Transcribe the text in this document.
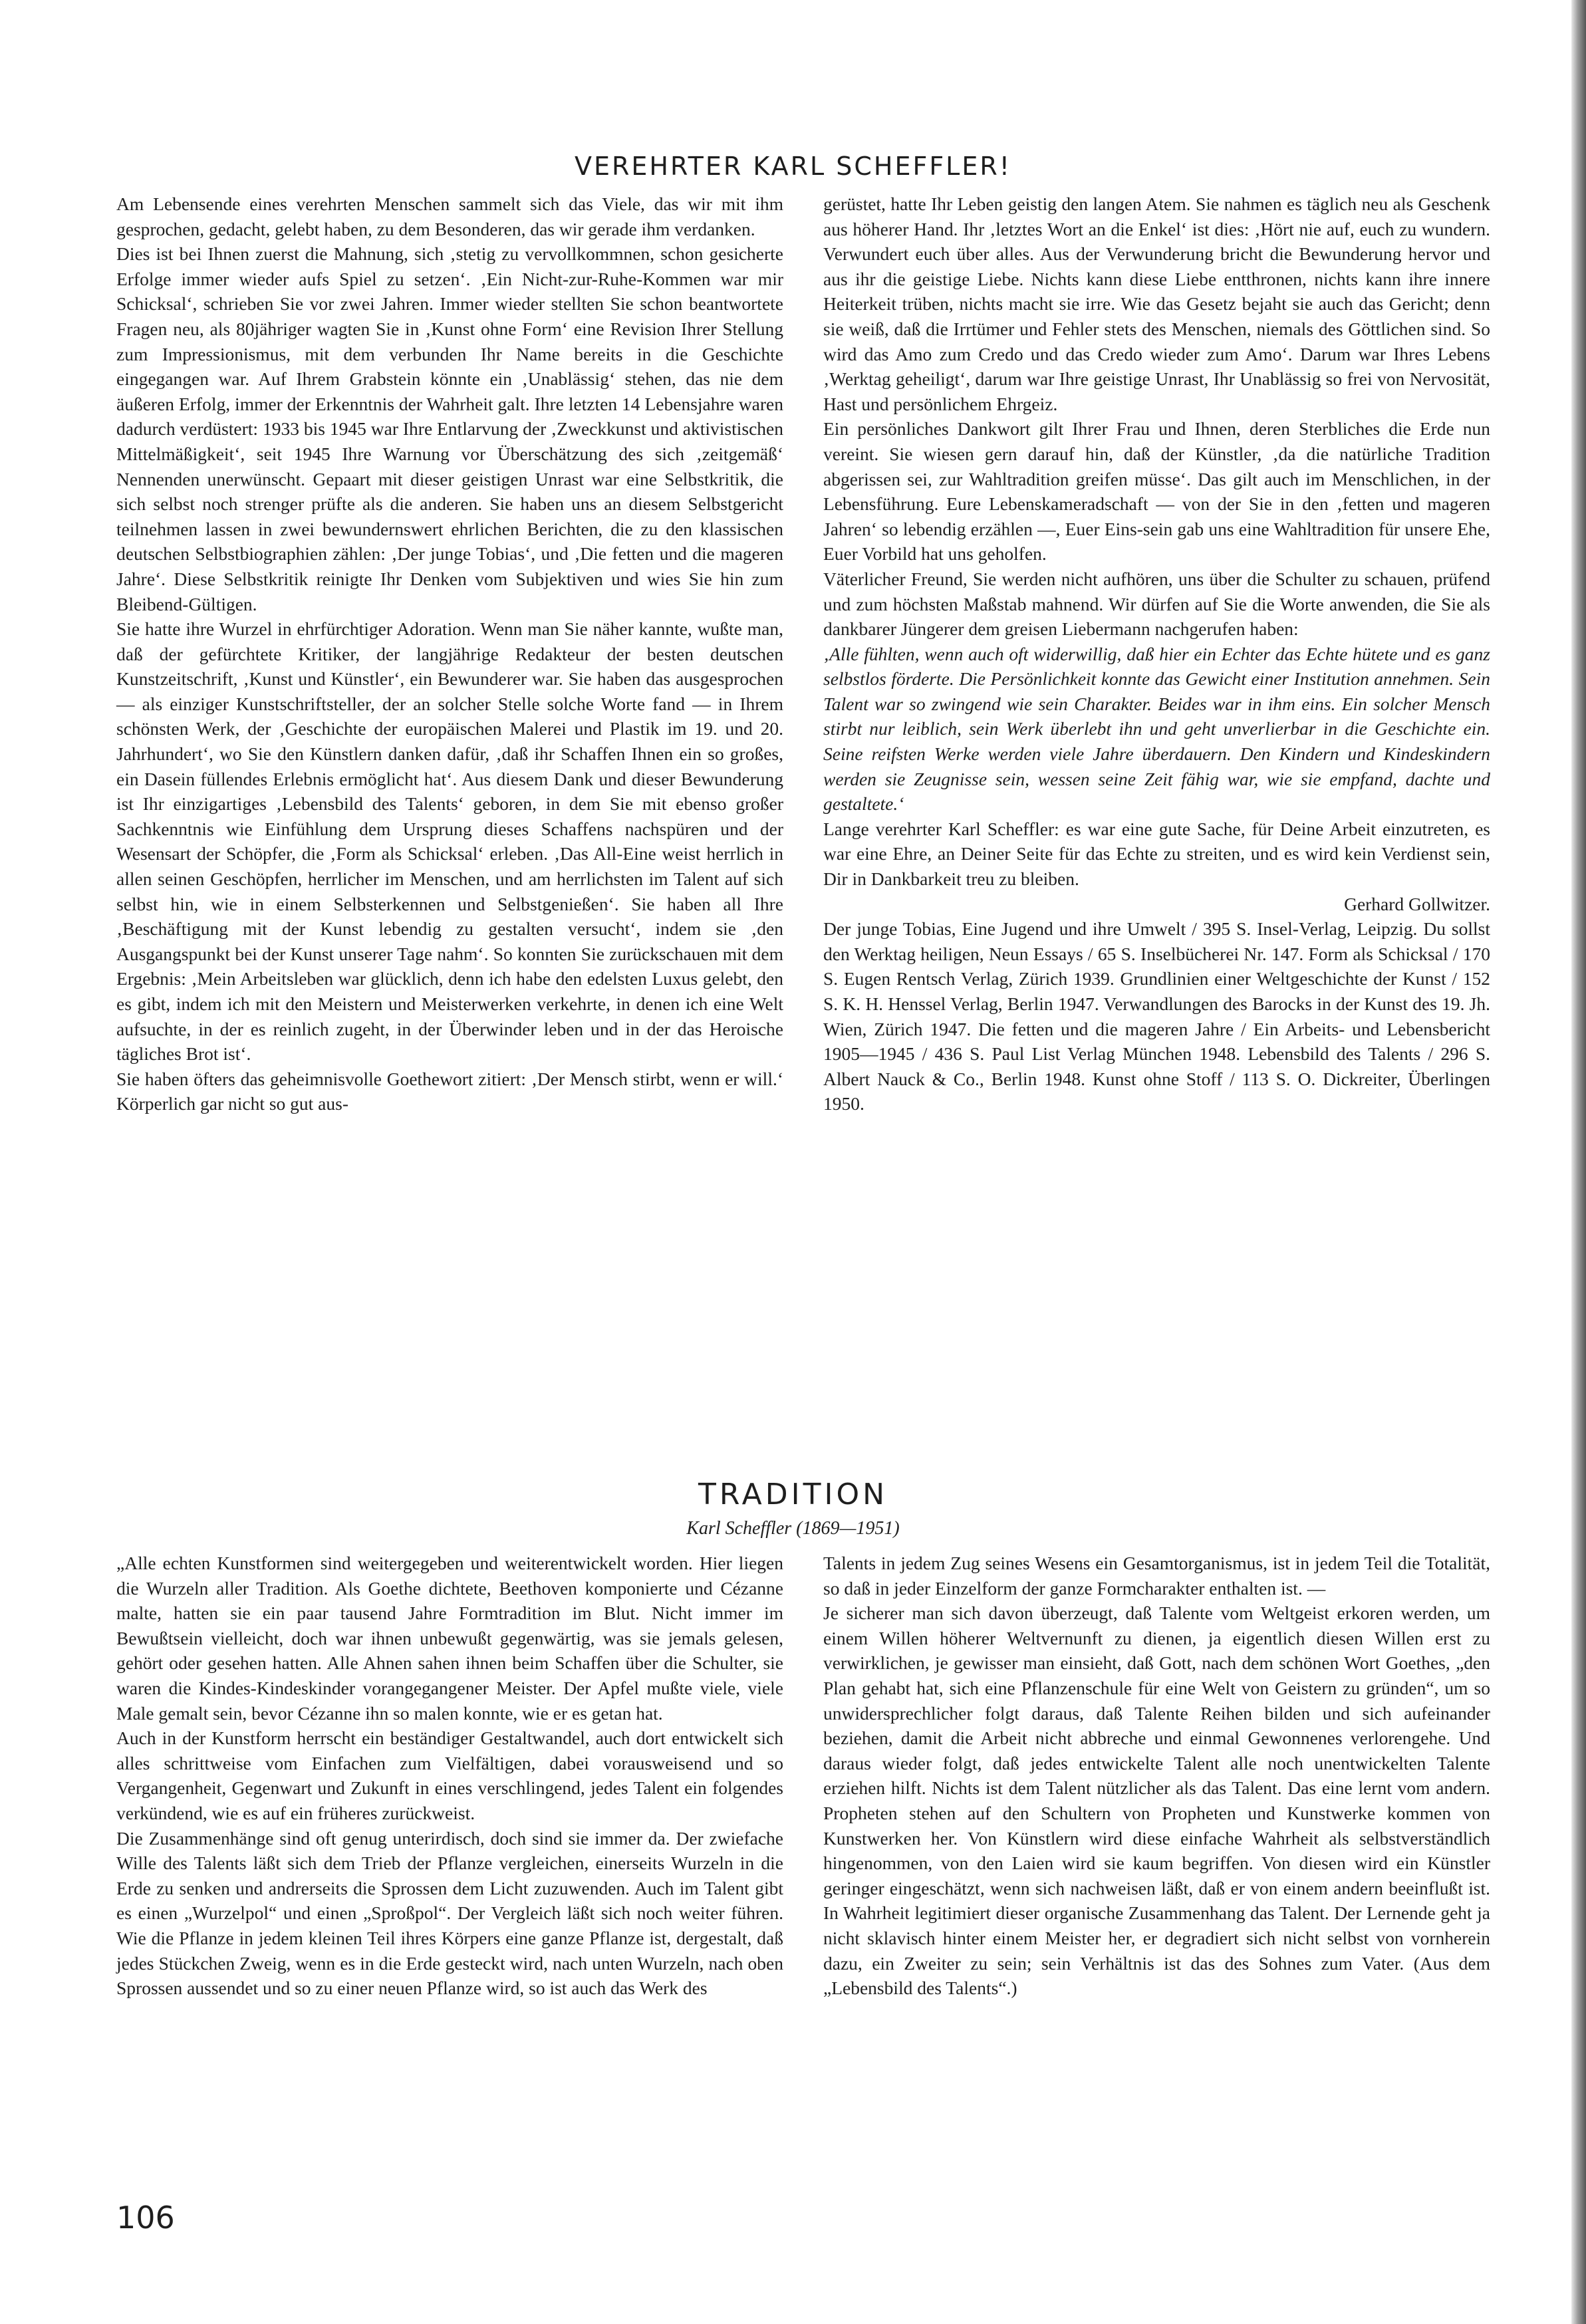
VEREHRTER KARL SCHEFFLER!

Am Lebensende eines verehrten Menschen sammelt sich das Viele, das wir mit ihm gesprochen, gedacht, gelebt haben, zu dem Besonderen, das wir gerade ihm verdanken.

Dies ist bei Ihnen zuerst die Mahnung, sich ‚stetig zu vervollkommnen, schon gesicherte Erfolge immer wieder aufs Spiel zu setzen‘. ‚Ein Nicht-zur-Ruhe-Kommen war mir Schicksal‘, schrieben Sie vor zwei Jahren. Immer wieder stellten Sie schon beantwortete Fragen neu, als 80jähriger wagten Sie in ‚Kunst ohne Form‘ eine Revision Ihrer Stellung zum Impressionismus, mit dem verbunden Ihr Name bereits in die Geschichte eingegangen war. Auf Ihrem Grabstein könnte ein ‚Unablässig‘ stehen, das nie dem äußeren Erfolg, immer der Erkenntnis der Wahrheit galt. Ihre letzten 14 Lebensjahre waren dadurch verdüstert: 1933 bis 1945 war Ihre Entlarvung der ‚Zweckkunst und aktivistischen Mittelmäßigkeit‘, seit 1945 Ihre Warnung vor Überschätzung des sich ‚zeitgemäß‘ Nennenden unerwünscht. Gepaart mit dieser geistigen Unrast war eine Selbstkritik, die sich selbst noch strenger prüfte als die anderen. Sie haben uns an diesem Selbstgericht teilnehmen lassen in zwei bewundernswert ehrlichen Berichten, die zu den klassischen deutschen Selbstbiographien zählen: ‚Der junge Tobias‘, und ‚Die fetten und die mageren Jahre‘. Diese Selbstkritik reinigte Ihr Denken vom Subjektiven und wies Sie hin zum Bleibend-Gültigen.

Sie hatte ihre Wurzel in ehrfürchtiger Adoration. Wenn man Sie näher kannte, wußte man, daß der gefürchtete Kritiker, der langjährige Redakteur der besten deutschen Kunstzeitschrift, ‚Kunst und Künstler‘, ein Bewunderer war. Sie haben das ausgesprochen — als einziger Kunstschriftsteller, der an solcher Stelle solche Worte fand — in Ihrem schönsten Werk, der ‚Geschichte der europäischen Malerei und Plastik im 19. und 20. Jahrhundert‘, wo Sie den Künstlern danken dafür, ‚daß ihr Schaffen Ihnen ein so großes, ein Dasein füllendes Erlebnis ermöglicht hat‘. Aus diesem Dank und dieser Bewunderung ist Ihr einzigartiges ‚Lebensbild des Talents‘ geboren, in dem Sie mit ebenso großer Sachkenntnis wie Einfühlung dem Ursprung dieses Schaffens nachspüren und der Wesensart der Schöpfer, die ‚Form als Schicksal‘ erleben. ‚Das All-Eine weist herrlich in allen seinen Geschöpfen, herrlicher im Menschen, und am herrlichsten im Talent auf sich selbst hin, wie in einem Selbsterkennen und Selbstgenießen‘. Sie haben all Ihre ‚Beschäftigung mit der Kunst lebendig zu gestalten versucht‘, indem sie ‚den Ausgangspunkt bei der Kunst unserer Tage nahm‘. So konnten Sie zurückschauen mit dem Ergebnis: ‚Mein Arbeitsleben war glücklich, denn ich habe den edelsten Luxus gelebt, den es gibt, indem ich mit den Meistern und Meisterwerken verkehrte, in denen ich eine Welt aufsuchte, in der es reinlich zugeht, in der Überwinder leben und in der das Heroische tägliches Brot ist‘.

Sie haben öfters das geheimnisvolle Goethewort zitiert: ‚Der Mensch stirbt, wenn er will.‘ Körperlich gar nicht so gut aus-

gerüstet, hatte Ihr Leben geistig den langen Atem. Sie nahmen es täglich neu als Geschenk aus höherer Hand. Ihr ‚letztes Wort an die Enkel‘ ist dies: ‚Hört nie auf, euch zu wundern. Verwundert euch über alles. Aus der Verwunderung bricht die Bewunderung hervor und aus ihr die geistige Liebe. Nichts kann diese Liebe entthronen, nichts kann ihre innere Heiterkeit trüben, nichts macht sie irre. Wie das Gesetz bejaht sie auch das Gericht; denn sie weiß, daß die Irrtümer und Fehler stets des Menschen, niemals des Göttlichen sind. So wird das Amo zum Credo und das Credo wieder zum Amo‘. Darum war Ihres Lebens ‚Werktag geheiligt‘, darum war Ihre geistige Unrast, Ihr Unablässig so frei von Nervosität, Hast und persönlichem Ehrgeiz.

Ein persönliches Dankwort gilt Ihrer Frau und Ihnen, deren Sterbliches die Erde nun vereint. Sie wiesen gern darauf hin, daß der Künstler, ‚da die natürliche Tradition abgerissen sei, zur Wahltradition greifen müsse‘. Das gilt auch im Menschlichen, in der Lebensführung. Eure Lebenskameradschaft — von der Sie in den ‚fetten und mageren Jahren‘ so lebendig erzählen —, Euer Eins-sein gab uns eine Wahltradition für unsere Ehe, Euer Vorbild hat uns geholfen.

Väterlicher Freund, Sie werden nicht aufhören, uns über die Schulter zu schauen, prüfend und zum höchsten Maßstab mahnend. Wir dürfen auf Sie die Worte anwenden, die Sie als dankbarer Jüngerer dem greisen Liebermann nachgerufen haben:

‚Alle fühlten, wenn auch oft widerwillig, daß hier ein Echter das Echte hütete und es ganz selbstlos förderte. Die Persönlichkeit konnte das Gewicht einer Institution annehmen. Sein Talent war so zwingend wie sein Charakter. Beides war in ihm eins. Ein solcher Mensch stirbt nur leiblich, sein Werk überlebt ihn und geht unverlierbar in die Geschichte ein. Seine reifsten Werke werden viele Jahre überdauern. Den Kindern und Kindeskindern werden sie Zeugnisse sein, wessen seine Zeit fähig war, wie sie empfand, dachte und gestaltete.‘

Lange verehrter Karl Scheffler: es war eine gute Sache, für Deine Arbeit einzutreten, es war eine Ehre, an Deiner Seite für das Echte zu streiten, und es wird kein Verdienst sein, Dir in Dankbarkeit treu zu bleiben.

Gerhard Gollwitzer.

Der junge Tobias, Eine Jugend und ihre Umwelt / 395 S. Insel-Verlag, Leipzig. Du sollst den Werktag heiligen, Neun Essays / 65 S. Inselbücherei Nr. 147. Form als Schicksal / 170 S. Eugen Rentsch Verlag, Zürich 1939. Grundlinien einer Weltgeschichte der Kunst / 152 S. K. H. Henssel Verlag, Berlin 1947. Verwandlungen des Barocks in der Kunst des 19. Jh. Wien, Zürich 1947. Die fetten und die mageren Jahre / Ein Arbeits- und Lebensbericht 1905—1945 / 436 S. Paul List Verlag München 1948. Lebensbild des Talents / 296 S. Albert Nauck & Co., Berlin 1948. Kunst ohne Stoff / 113 S. O. Dickreiter, Überlingen 1950.

TRADITION
Karl Scheffler (1869—1951)

„Alle echten Kunstformen sind weitergegeben und weiterentwickelt worden. Hier liegen die Wurzeln aller Tradition. Als Goethe dichtete, Beethoven komponierte und Cézanne malte, hatten sie ein paar tausend Jahre Formtradition im Blut. Nicht immer im Bewußtsein vielleicht, doch war ihnen unbewußt gegenwärtig, was sie jemals gelesen, gehört oder gesehen hatten. Alle Ahnen sahen ihnen beim Schaffen über die Schulter, sie waren die Kindes-Kindeskinder vorangegangener Meister. Der Apfel mußte viele, viele Male gemalt sein, bevor Cézanne ihn so malen konnte, wie er es getan hat.

Auch in der Kunstform herrscht ein beständiger Gestaltwandel, auch dort entwickelt sich alles schrittweise vom Einfachen zum Vielfältigen, dabei vorausweisend und so Vergangenheit, Gegenwart und Zukunft in eines verschlingend, jedes Talent ein folgendes verkündend, wie es auf ein früheres zurückweist.

Die Zusammenhänge sind oft genug unterirdisch, doch sind sie immer da. Der zwiefache Wille des Talents läßt sich dem Trieb der Pflanze vergleichen, einerseits Wurzeln in die Erde zu senken und andrerseits die Sprossen dem Licht zuzuwenden. Auch im Talent gibt es einen „Wurzelpol“ und einen „Sproßpol“. Der Vergleich läßt sich noch weiter führen. Wie die Pflanze in jedem kleinen Teil ihres Körpers eine ganze Pflanze ist, dergestalt, daß jedes Stückchen Zweig, wenn es in die Erde gesteckt wird, nach unten Wurzeln, nach oben Sprossen aussendet und so zu einer neuen Pflanze wird, so ist auch das Werk des

Talents in jedem Zug seines Wesens ein Gesamtorganismus, ist in jedem Teil die Totalität, so daß in jeder Einzelform der ganze Formcharakter enthalten ist. —

Je sicherer man sich davon überzeugt, daß Talente vom Weltgeist erkoren werden, um einem Willen höherer Weltvernunft zu dienen, ja eigentlich diesen Willen erst zu verwirklichen, je gewisser man einsieht, daß Gott, nach dem schönen Wort Goethes, „den Plan gehabt hat, sich eine Pflanzenschule für eine Welt von Geistern zu gründen“, um so unwidersprechlicher folgt daraus, daß Talente Reihen bilden und sich aufeinander beziehen, damit die Arbeit nicht abbreche und einmal Gewonnenes verlorengehe. Und daraus wieder folgt, daß jedes entwickelte Talent alle noch unentwickelten Talente erziehen hilft. Nichts ist dem Talent nützlicher als das Talent. Das eine lernt vom andern. Propheten stehen auf den Schultern von Propheten und Kunstwerke kommen von Kunstwerken her. Von Künstlern wird diese einfache Wahrheit als selbstverständlich hingenommen, von den Laien wird sie kaum begriffen. Von diesen wird ein Künstler geringer eingeschätzt, wenn sich nachweisen läßt, daß er von einem andern beeinflußt ist. In Wahrheit legitimiert dieser organische Zusammenhang das Talent. Der Lernende geht ja nicht sklavisch hinter einem Meister her, er degradiert sich nicht selbst von vornherein dazu, ein Zweiter zu sein; sein Verhältnis ist das des Sohnes zum Vater. (Aus dem „Lebensbild des Talents“.)

106
